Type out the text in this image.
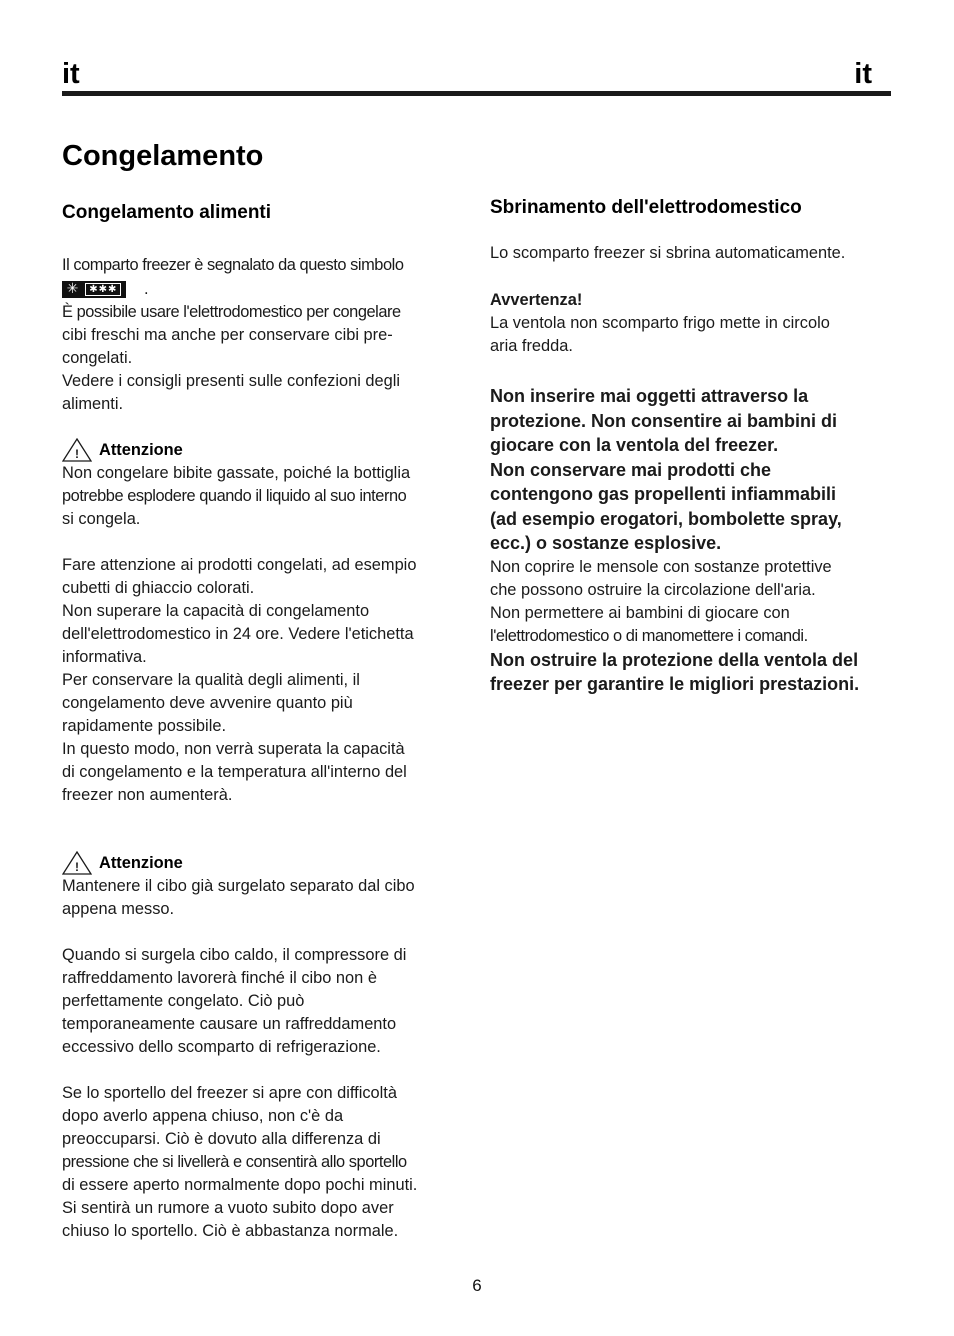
it	it
Congelamento
Congelamento alimenti

Il comparto freezer è segnalato da questo simbolo

✳	✱✱✱ .

È possibile usare l'elettrodomestico per congelare

cibi freschi ma anche per conservare cibi pre-

congelati.

Vedere i consigli presenti sulle confezioni degli

alimenti.

! Attenzione

Non congelare bibite gassate, poiché la bottiglia

potrebbe esplodere quando il liquido al suo interno

si congela.

Fare attenzione ai prodotti congelati, ad esempio

cubetti di ghiaccio colorati.

Non superare la capacità di congelamento

dell'elettrodomestico in 24 ore. Vedere l'etichetta

informativa.

Per conservare la qualità degli alimenti, il

congelamento deve avvenire quanto più

rapidamente possibile.

In questo modo, non verrà superata la capacità

di congelamento e la temperatura all'interno del

freezer non aumenterà.

! Attenzione

Mantenere il cibo già surgelato separato dal cibo

appena messo.

Quando si surgela cibo caldo, il compressore di

raffreddamento lavorerà finché il cibo non è

perfettamente congelato. Ciò può

temporaneamente causare un raffreddamento

eccessivo dello scomparto di refrigerazione.

Se lo sportello del freezer si apre con difficoltà

dopo averlo appena chiuso, non c'è da

preoccuparsi. Ciò è dovuto alla differenza di

pressione che si livellerà e consentirà allo sportello

di essere aperto normalmente dopo pochi minuti.

Si sentirà un rumore a vuoto subito dopo aver

chiuso lo sportello. Ciò è abbastanza normale.

Sbrinamento dell'elettrodomestico

Lo scomparto freezer si sbrina automaticamente.

Avvertenza!

La ventola non scomparto frigo mette in circolo

aria fredda.

Non inserire mai oggetti attraverso la

protezione. Non consentire ai bambini di

giocare con la ventola del freezer.

Non conservare mai prodotti che

contengono gas propellenti infiammabili

(ad esempio erogatori, bombolette spray,

ecc.) o sostanze esplosive.

Non coprire le mensole con sostanze protettive

che possono ostruire la circolazione dell'aria.

Non permettere ai bambini di giocare con

l'elettrodomestico o di manomettere i comandi.

Non ostruire la protezione della ventola del

freezer per garantire le migliori prestazioni.

6
